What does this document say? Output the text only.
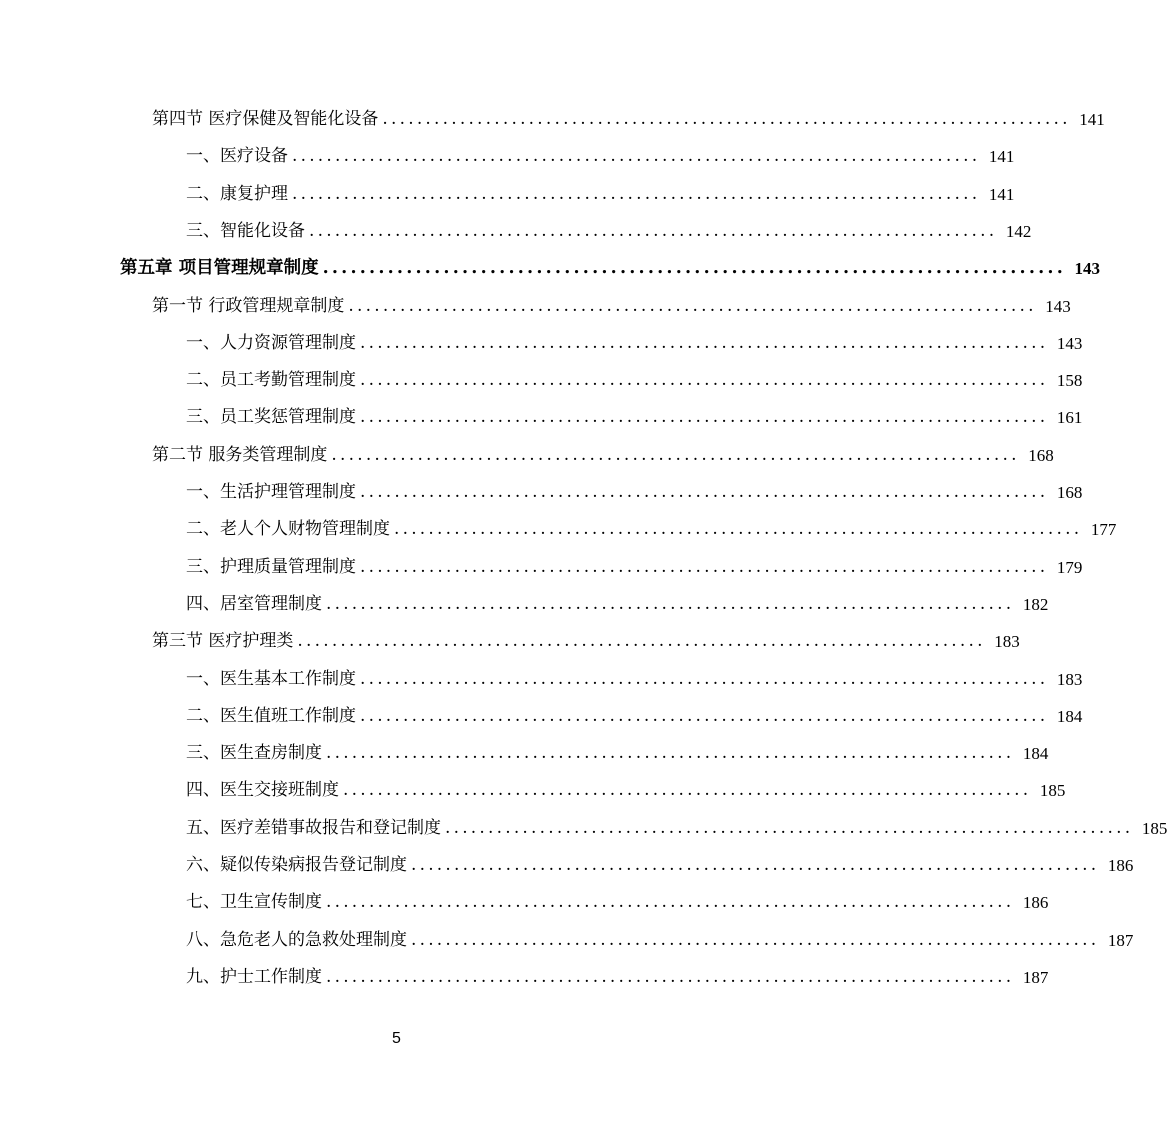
第四节 医疗保健及智能化设备 ................................................................................ 141
一、医疗设备 ................................................................................ 141
二、康复护理 ................................................................................ 141
三、智能化设备 ................................................................................ 142
第五章 项目管理规章制度 ................................................................................ 143
第一节 行政管理规章制度 ................................................................................ 143
一、人力资源管理制度 ................................................................................ 143
二、员工考勤管理制度 ................................................................................ 158
三、员工奖惩管理制度 ................................................................................ 161
第二节 服务类管理制度 ................................................................................ 168
一、生活护理管理制度 ................................................................................ 168
二、老人个人财物管理制度 ................................................................................ 177
三、护理质量管理制度 ................................................................................ 179
四、居室管理制度 ................................................................................ 182
第三节 医疗护理类 ................................................................................ 183
一、医生基本工作制度 ................................................................................ 183
二、医生值班工作制度 ................................................................................ 184
三、医生查房制度 ................................................................................ 184
四、医生交接班制度 ................................................................................ 185
五、医疗差错事故报告和登记制度 ................................................................................ 185
六、疑似传染病报告登记制度 ................................................................................ 186
七、卫生宣传制度 ................................................................................ 186
八、急危老人的急救处理制度 ................................................................................ 187
九、护士工作制度 ................................................................................ 187
5
